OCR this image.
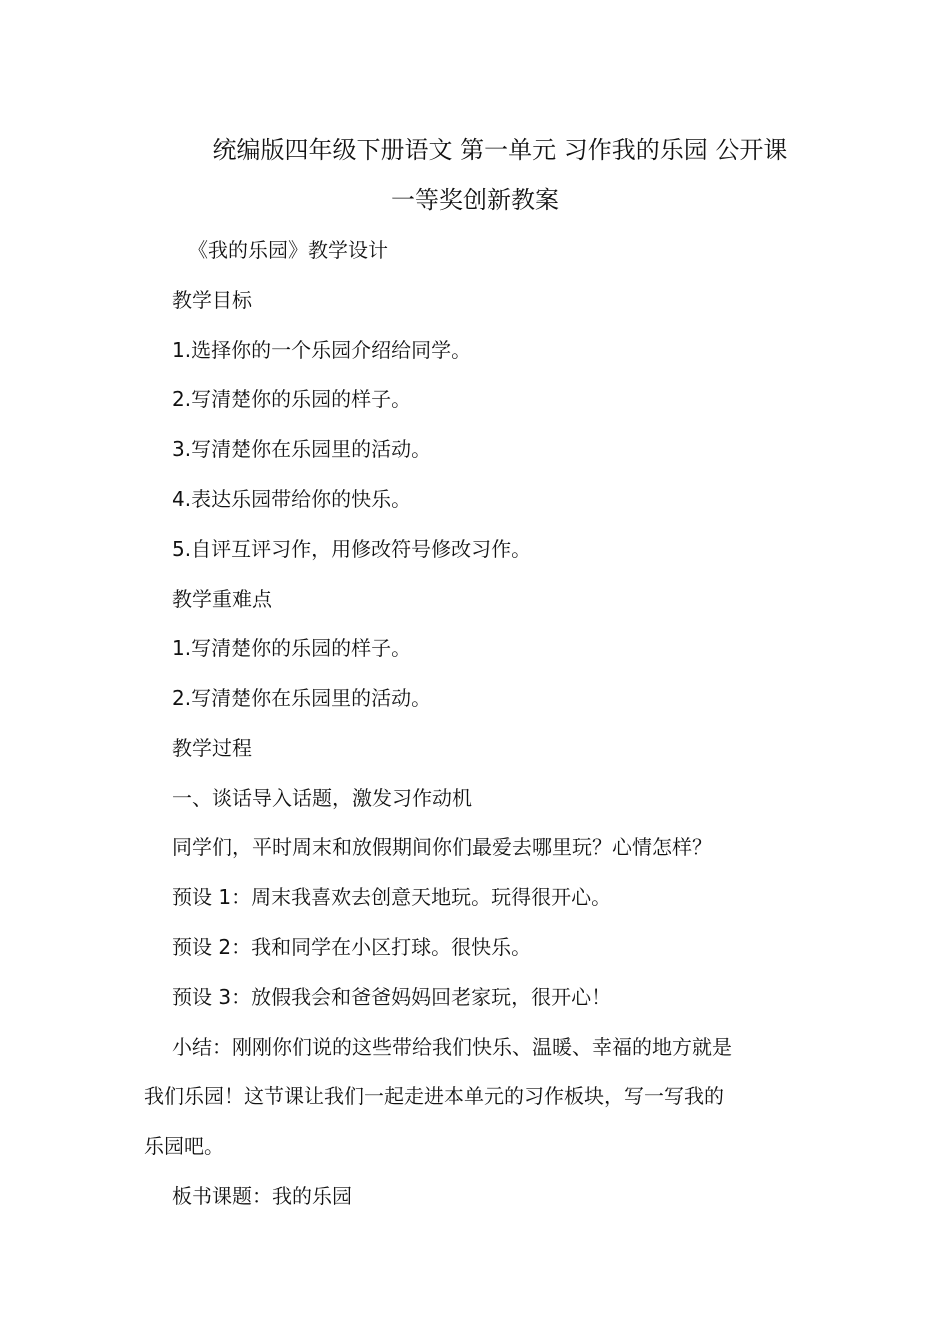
统编版四年级下册语文 第一单元 习作我的乐园 公开课
一等奖创新教案
《我的乐园》教学设计
教学目标
1.选择你的一个乐园介绍给同学。
2.写清楚你的乐园的样子。
3.写清楚你在乐园里的活动。
4.表达乐园带给你的快乐。
5.自评互评习作，用修改符号修改习作。
教学重难点
1.写清楚你的乐园的样子。
2.写清楚你在乐园里的活动。
教学过程
一、谈话导入话题，激发习作动机
同学们，平时周末和放假期间你们最爱去哪里玩？心情怎样？
预设 1：周末我喜欢去创意天地玩。玩得很开心。
预设 2：我和同学在小区打球。很快乐。
预设 3：放假我会和爸爸妈妈回老家玩，很开心！
小结：刚刚你们说的这些带给我们快乐、温暖、幸福的地方就是
我们乐园！这节课让我们一起走进本单元的习作板块，写一写我的
乐园吧。
板书课题：我的乐园
